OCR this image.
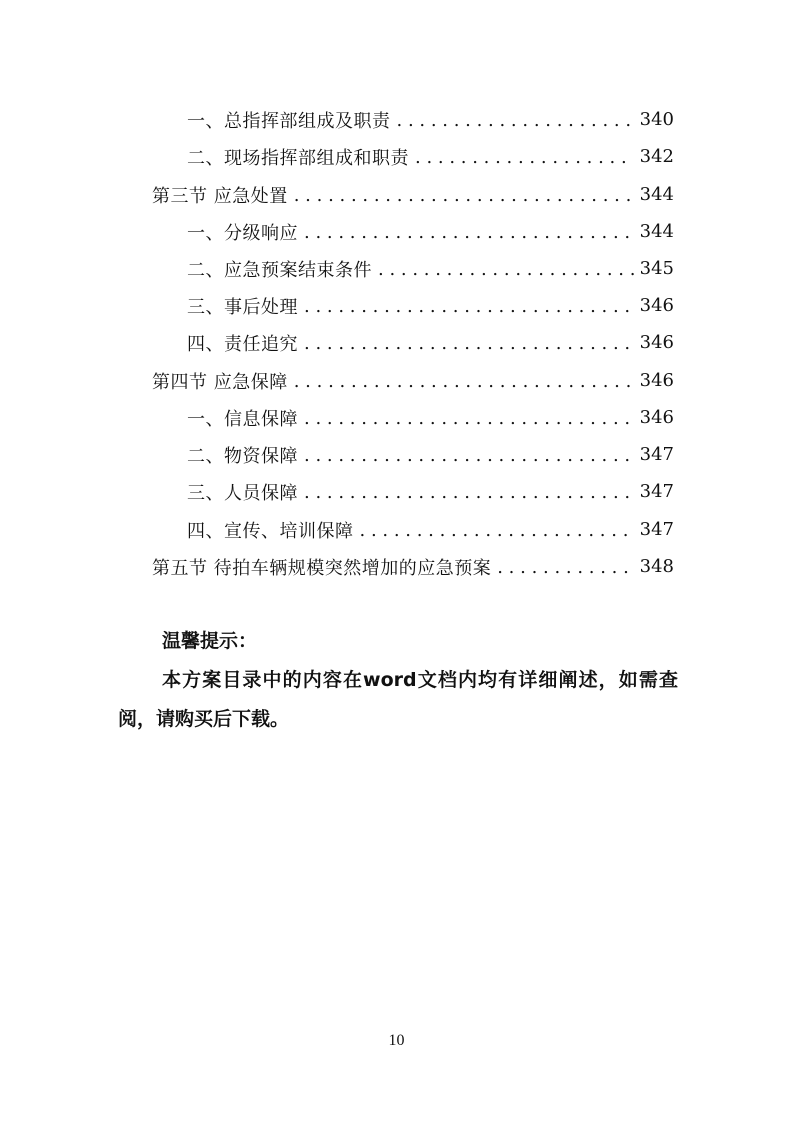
一、总指挥部组成及职责 . . .	340
二、现场指挥部组成和职责 . . .	342
第三节 应急处置 . . .	344
一、分级响应 . . .	344
二、应急预案结束条件 . . .	345
三、事后处理 . . .	346
四、责任追究 . . .	346
第四节 应急保障 . . .	346
一、信息保障 . . .	346
二、物资保障 . . .	347
三、人员保障 . . .	347
四、宣传、培训保障 . . .	347
第五节 待拍车辆规模突然增加的应急预案 . . .	348
温馨提示：
本方案目录中的内容在word文档内均有详细阐述，如需查阅，请购买后下载。
10
